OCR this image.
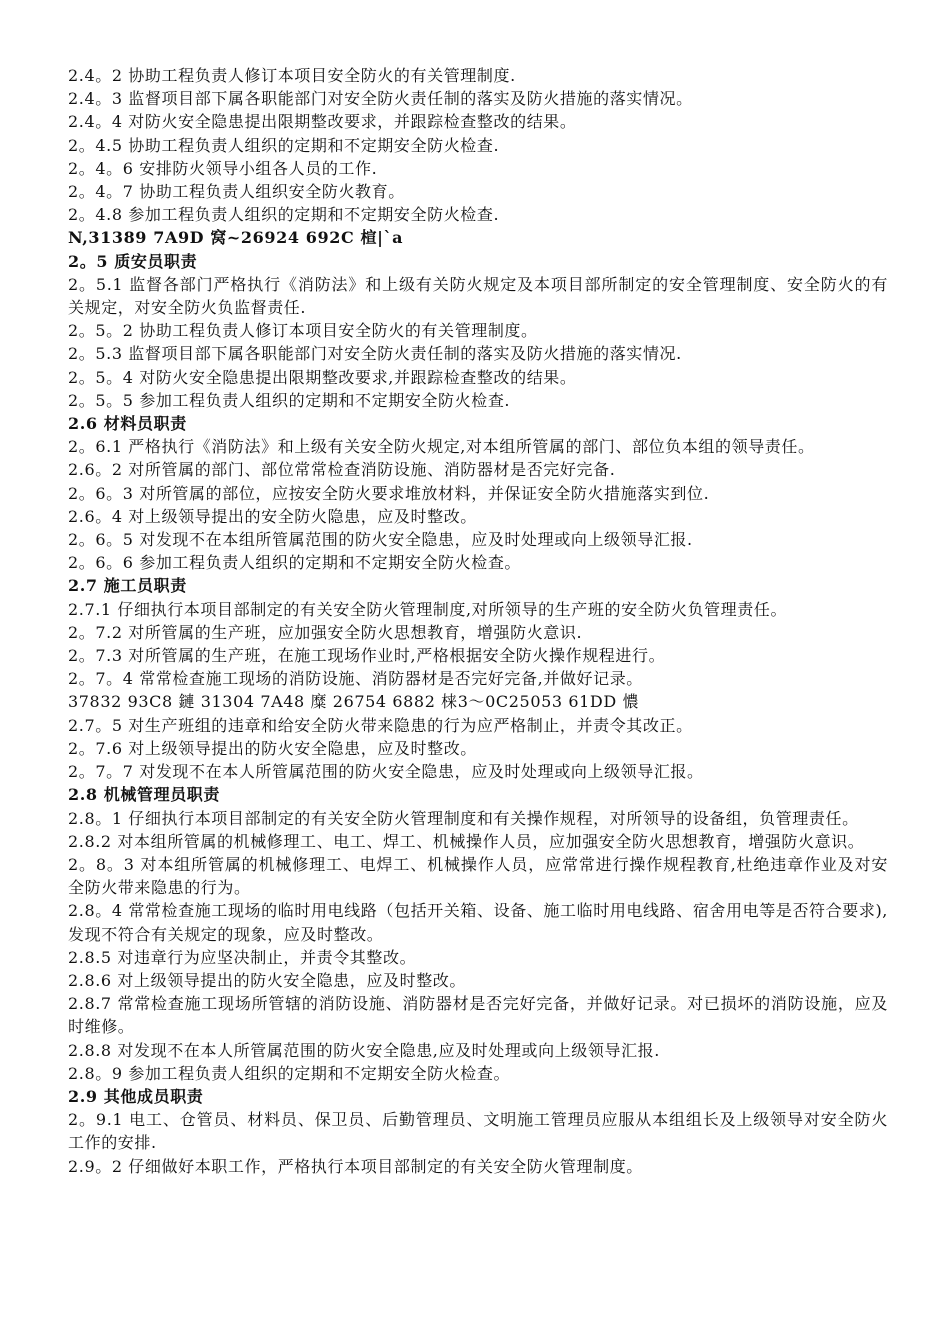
2.4。2 协助工程负责人修订本项目安全防火的有关管理制度.
2.4。3 监督项目部下属各职能部门对安全防火责任制的落实及防火措施的落实情况。
2.4。4 对防火安全隐患提出限期整改要求，并跟踪检查整改的结果。
2。4.5 协助工程负责人组织的定期和不定期安全防火检查.
2。4。6 安排防火领导小组各人员的工作.
2。4。7 协助工程负责人组织安全防火教育。
2。4.8 参加工程负责人组织的定期和不定期安全防火检查.
N,31389 7A9D 窝~26924 692C 楦|`a
2。5 质安员职责
2。5.1 监督各部门严格执行《消防法》和上级有关防火规定及本项目部所制定的安全管理制度、安全防火的有关规定，对安全防火负监督责任.
2。5。2 协助工程负责人修订本项目安全防火的有关管理制度。
2。5.3 监督项目部下属各职能部门对安全防火责任制的落实及防火措施的落实情况.
2。5。4 对防火安全隐患提出限期整改要求,并跟踪检查整改的结果。
2。5。5 参加工程负责人组织的定期和不定期安全防火检查.
2.6 材料员职责
2。6.1 严格执行《消防法》和上级有关安全防火规定,对本组所管属的部门、部位负本组的领导责任。
2.6。2 对所管属的部门、部位常常检查消防设施、消防器材是否完好完备.
2。6。3 对所管属的部位，应按安全防火要求堆放材料，并保证安全防火措施落实到位.
2.6。4 对上级领导提出的安全防火隐患，应及时整改。
2。6。5 对发现不在本组所管属范围的防火安全隐患，应及时处理或向上级领导汇报.
2。6。6 参加工程负责人组织的定期和不定期安全防火检查。
2.7 施工员职责
2.7.1 仔细执行本项目部制定的有关安全防火管理制度,对所领导的生产班的安全防火负管理责任。
2。7.2 对所管属的生产班，应加强安全防火思想教育，增强防火意识.
2。7.3 对所管属的生产班，在施工现场作业时,严格根据安全防火操作规程进行。
2。7。4 常常检查施工现场的消防设施、消防器材是否完好完备,并做好记录。
37832 93C8 鏈 31304 7A48 糜 26754 6882 梾3～0C25053 61DD 憹
2.7。5 对生产班组的违章和给安全防火带来隐患的行为应严格制止，并责令其改正。
2。7.6 对上级领导提出的防火安全隐患，应及时整改。
2。7。7 对发现不在本人所管属范围的防火安全隐患，应及时处理或向上级领导汇报。
2.8 机械管理员职责
2.8。1 仔细执行本项目部制定的有关安全防火管理制度和有关操作规程，对所领导的设备组，负管理责任。
2.8.2 对本组所管属的机械修理工、电工、焊工、机械操作人员，应加强安全防火思想教育，增强防火意识。
2。8。3 对本组所管属的机械修理工、电焊工、机械操作人员，应常常进行操作规程教育,杜绝违章作业及对安全防火带来隐患的行为。
2.8。4 常常检查施工现场的临时用电线路（包括开关箱、设备、施工临时用电线路、宿舍用电等是否符合要求),发现不符合有关规定的现象，应及时整改。
2.8.5 对违章行为应坚决制止，并责令其整改。
2.8.6 对上级领导提出的防火安全隐患，应及时整改。
2.8.7 常常检查施工现场所管辖的消防设施、消防器材是否完好完备，并做好记录。对已损坏的消防设施，应及时维修。
2.8.8 对发现不在本人所管属范围的防火安全隐患,应及时处理或向上级领导汇报.
2.8。9 参加工程负责人组织的定期和不定期安全防火检查。
2.9 其他成员职责
2。9.1 电工、仓管员、材料员、保卫员、后勤管理员、文明施工管理员应服从本组组长及上级领导对安全防火工作的安排.
2.9。2 仔细做好本职工作，严格执行本项目部制定的有关安全防火管理制度。
